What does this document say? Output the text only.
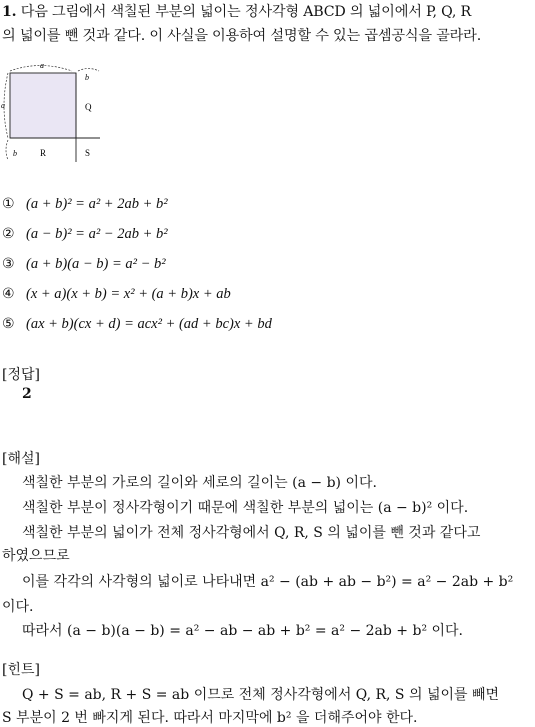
1. 다음 그림에서 색칠된 부분의 넓이는 정사각형 ABCD 의 넓이에서 P, Q, R
의 넓이를 뺀 것과 같다. 이 사실을 이용하여 설명할 수 있는 곱셈공식을 골라라.
a
b
a	Q
b	R	S
① (a + b)² = a² + 2ab + b²
② (a − b)² = a² − 2ab + b²
③ (a + b)(a − b) = a² − b²
④ (x + a)(x + b) = x² + (a + b)x + ab
⑤ (ax + b)(cx + d) = acx² + (ad + bc)x + bd
[정답]
2
[해설]
색칠한 부분의 가로의 길이와 세로의 길이는 (a − b) 이다.
색칠한 부분이 정사각형이기 때문에 색칠한 부분의 넓이는 (a − b)² 이다.
색칠한 부분의 넓이가 전체 정사각형에서 Q, R, S 의 넓이를 뺀 것과 같다고
하였으므로
이를 각각의 사각형의 넓이로 나타내면 a² − (ab + ab − b²) = a² − 2ab + b²
이다.
따라서 (a − b)(a − b) = a² − ab − ab + b² = a² − 2ab + b² 이다.
[힌트]
Q + S = ab, R + S = ab 이므로 전체 정사각형에서 Q, R, S 의 넓이를 빼면
S 부분이 2 번 빠지게 된다. 따라서 마지막에 b² 을 더해주어야 한다.
